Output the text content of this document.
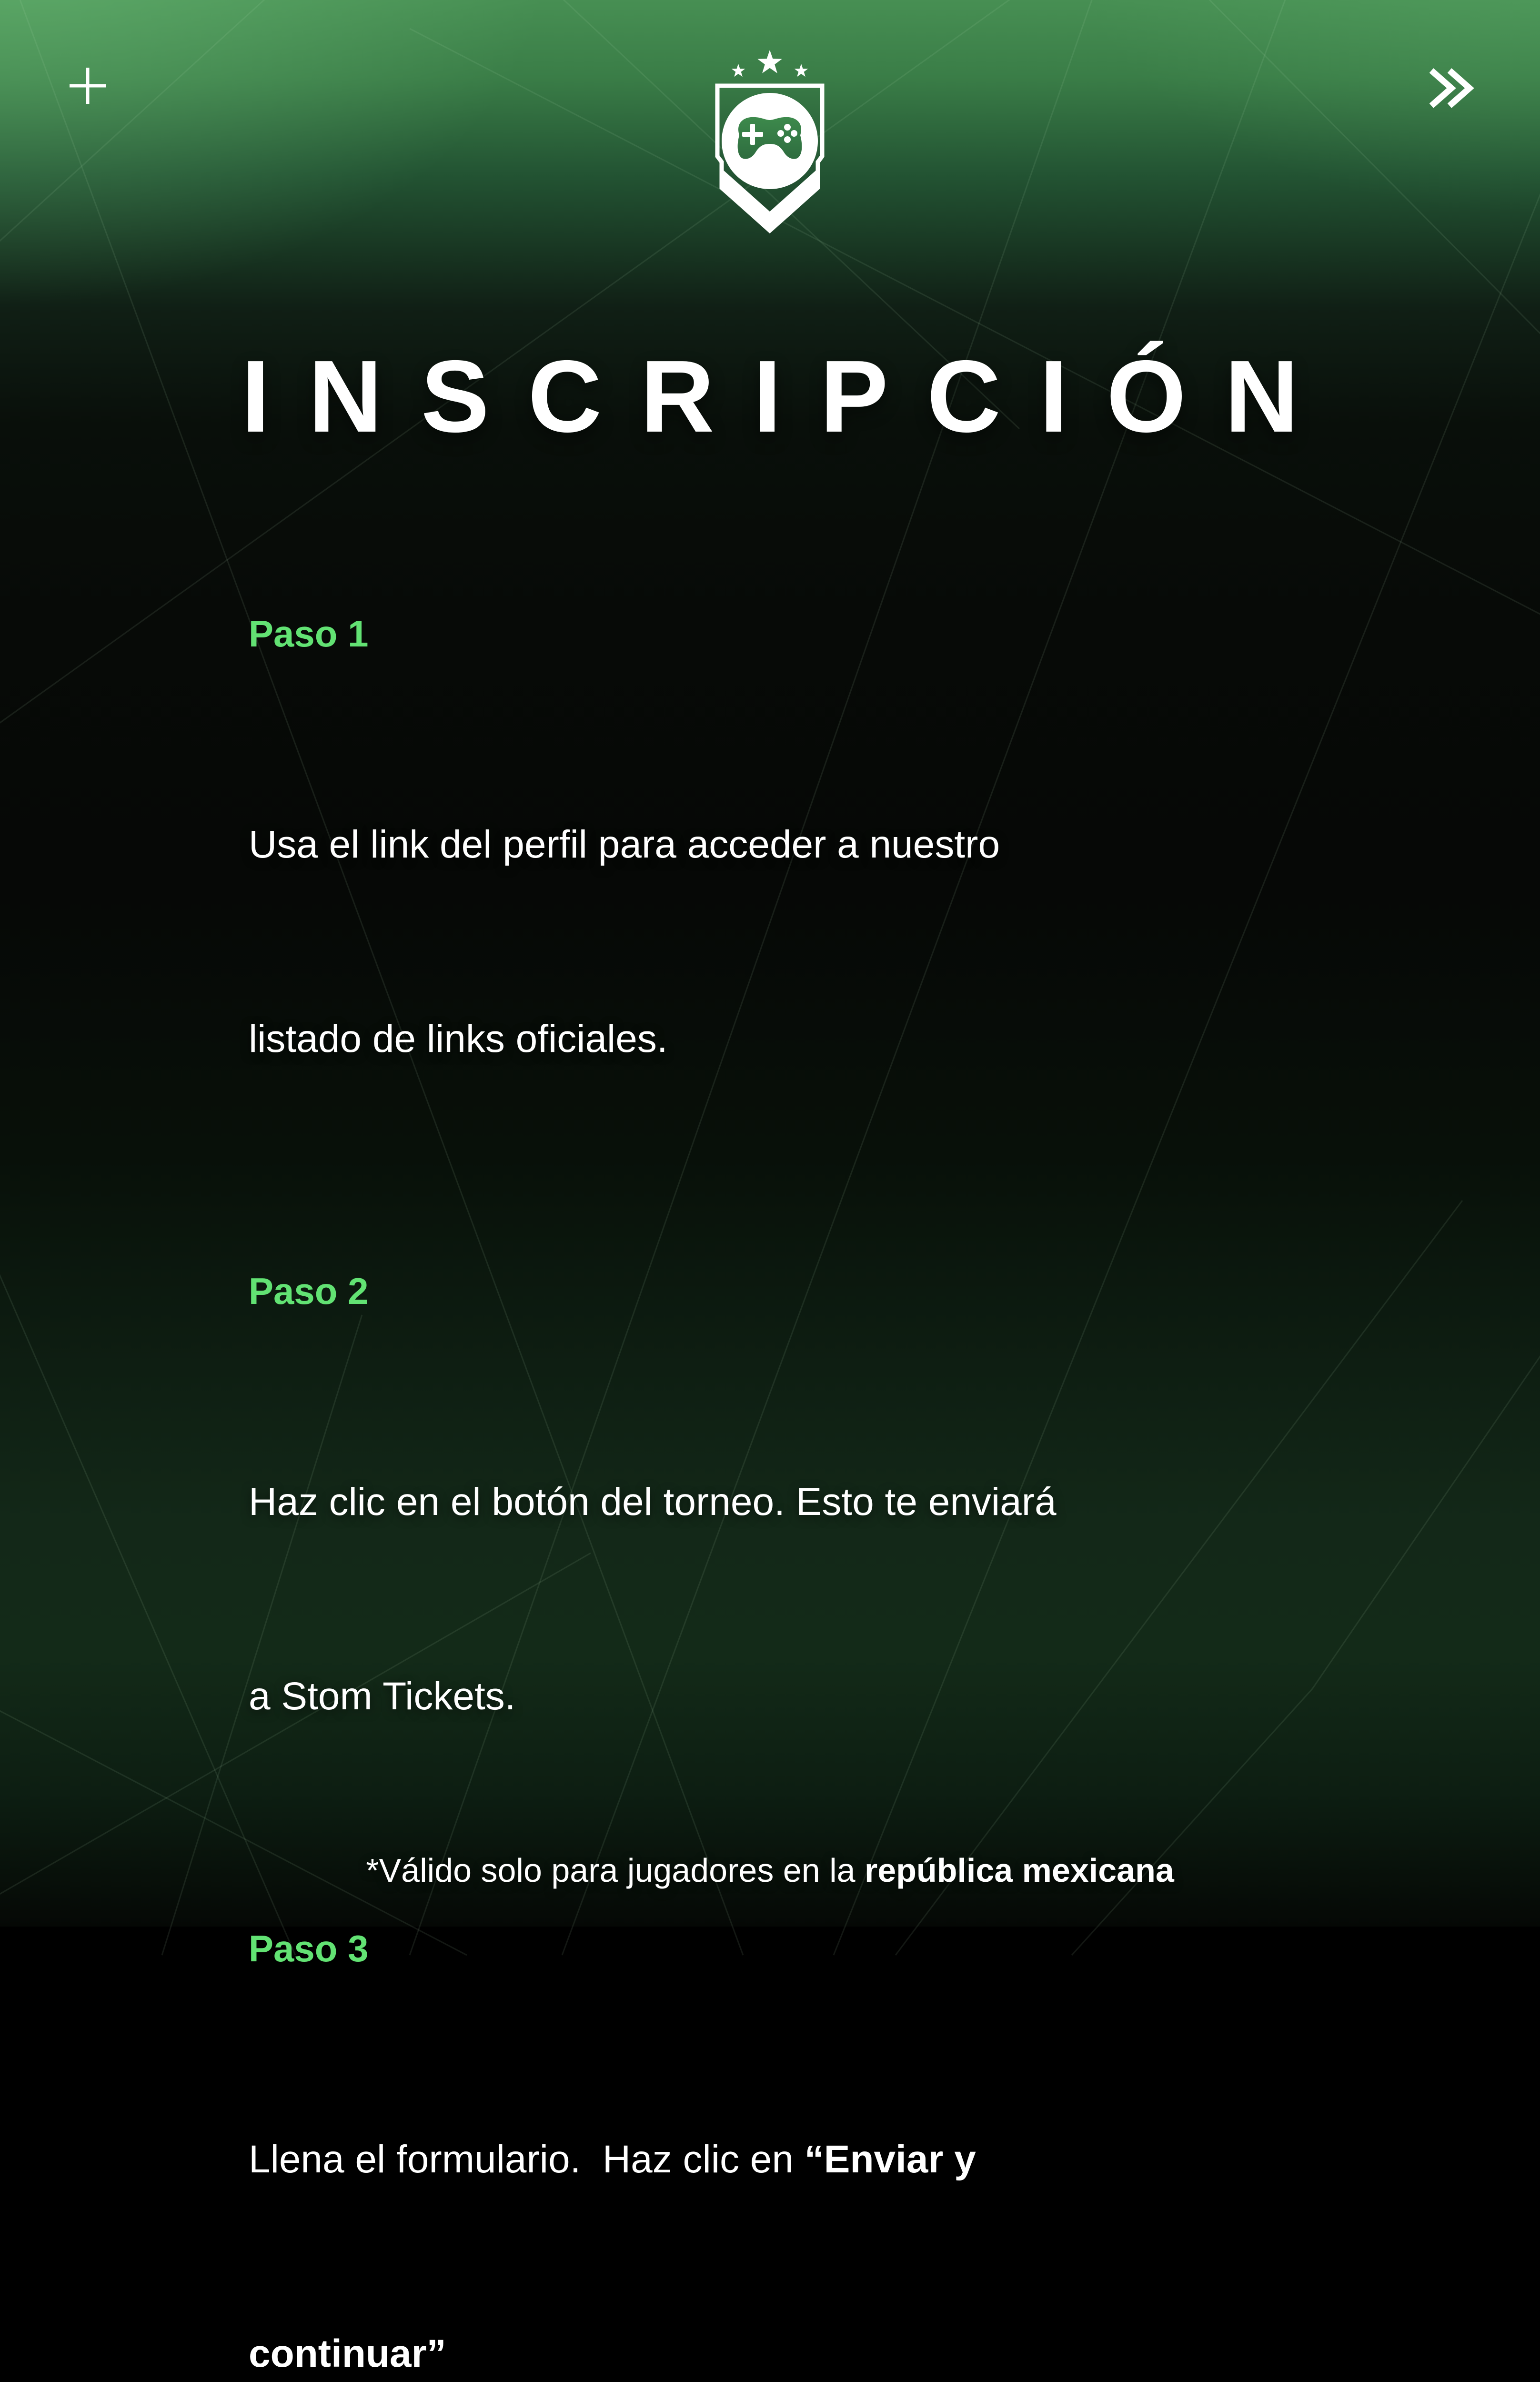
INSCRIPCIÓN
Paso 1

Usa el link del perfil para acceder a nuestro

listado de links oficiales.

Paso 2

Haz clic en el botón del torneo. Esto te enviará

a Stom Tickets.

Paso 3

Llena el formulario.  Haz clic en “Enviar y

continuar”

*Válido solo para jugadores en la república mexicana
